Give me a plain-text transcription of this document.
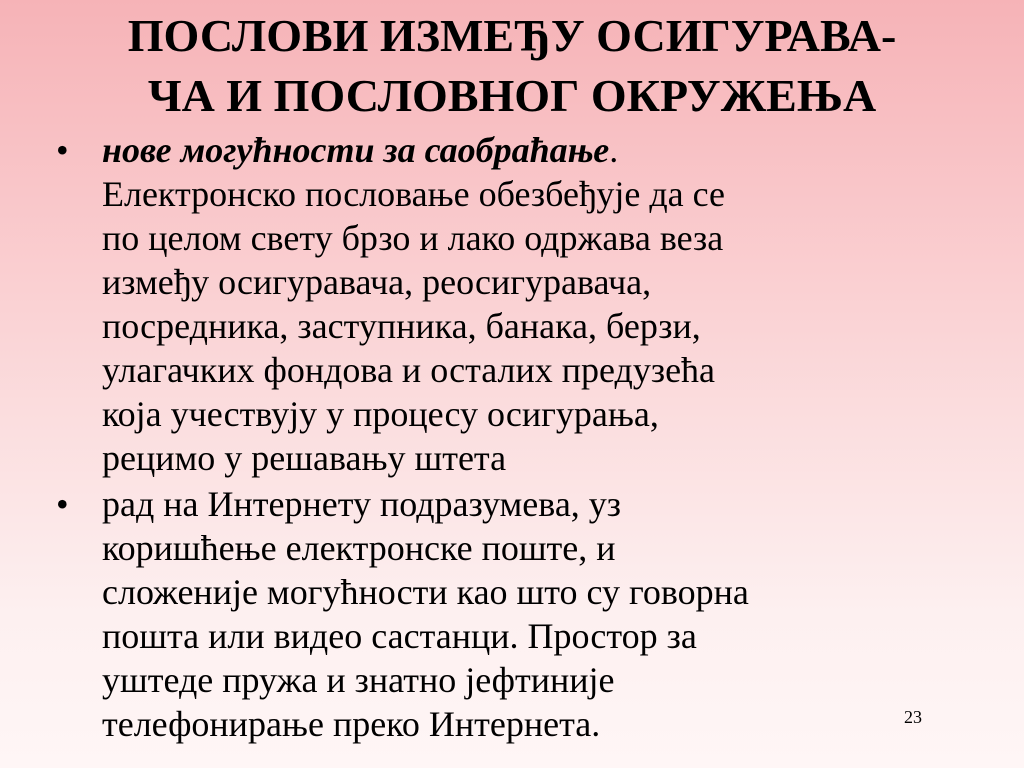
ПОСЛОВИ ИЗМЕЂУ ОСИГУРАВА-
ЧА И ПОСЛОВНОГ ОКРУЖЕЊА
• нове могућности за саобраћање.
Електронско пословање обезбеђује да се
по целом свету брзо и лако одржава веза
између осигуравача, реосигуравача,
посредника, заступника, банака, берзи,
улагачких фондова и осталих предузећа
која учествују у процесу осигурања,
рецимо у решавању штета
• рад на Интернету подразумева, уз
коришћење електронске поште, и
сложеније могућности као што су говорна
пошта или видео састанци. Простор за
уштеде пружа и знатно јефтиније
телефонирање преко Интернета.	23
